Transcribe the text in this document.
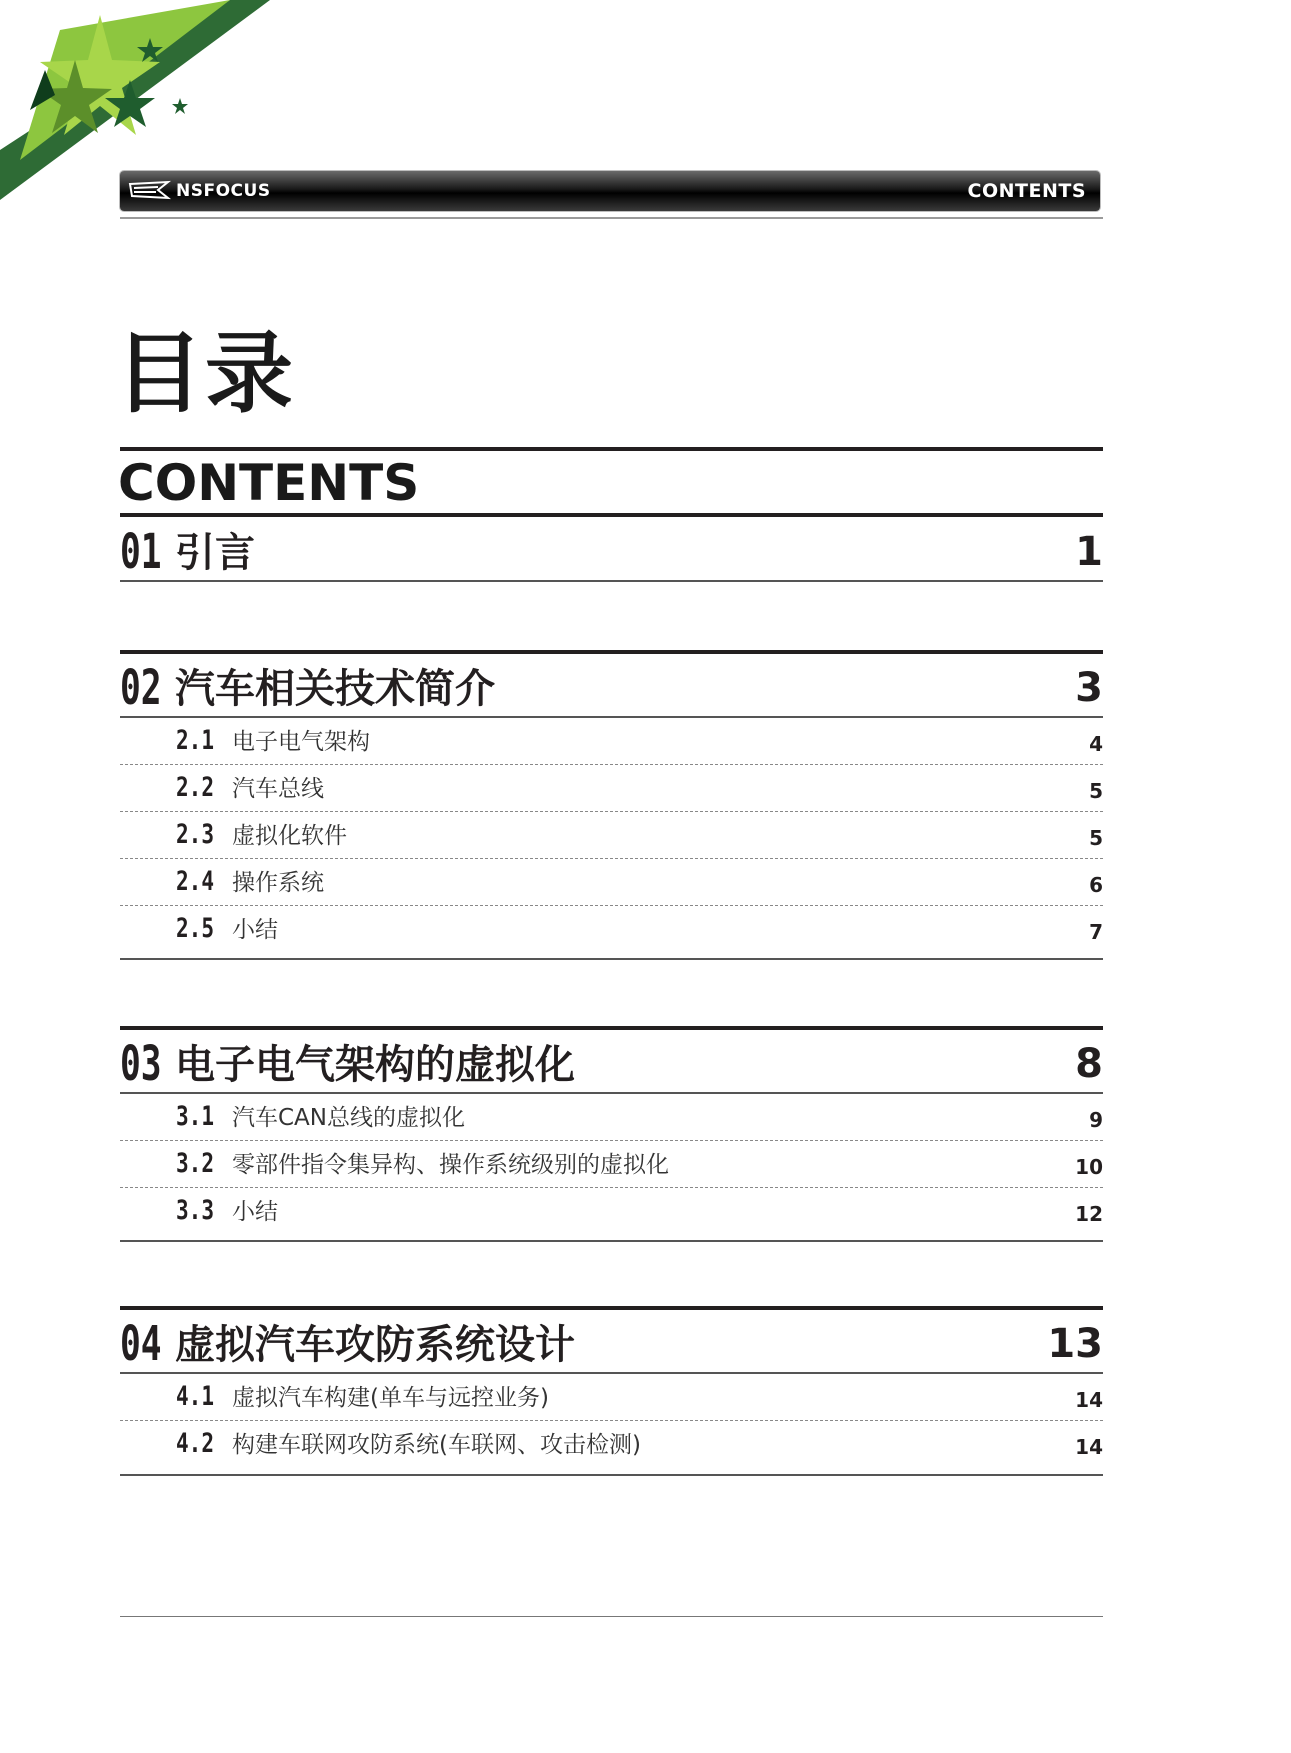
NSFOCUS	CONTENTS
目录
CONTENTS
01 引言	1
02 汽车相关技术简介	3
2.1 电子电气架构	4
2.2 汽车总线	5
2.3 虚拟化软件	5
2.4 操作系统	6
2.5 小结	7
03 电子电气架构的虚拟化	8
3.1 汽车CAN总线的虚拟化	9
3.2 零部件指令集异构、操作系统级别的虚拟化	10
3.3 小结	12
04 虚拟汽车攻防系统设计	13
4.1 虚拟汽车构建(单车与远控业务)	14
4.2 构建车联网攻防系统(车联网、攻击检测)	14
